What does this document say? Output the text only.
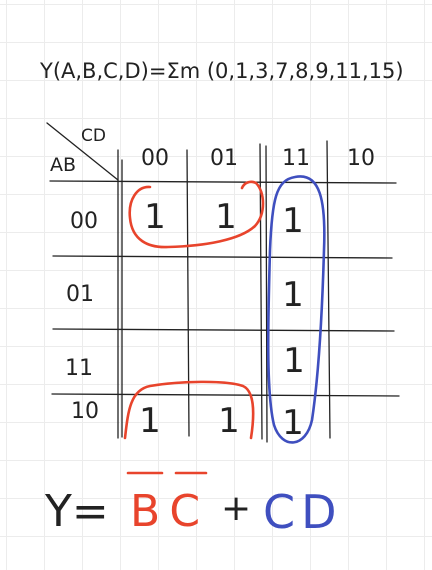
Y(A,B,C,D)=Σm (0,1,3,7,8,9,11,15)
AB
CD
00 01 11 10
00
01
11
10
1 1 1
1
1
1 1 1
Y= BC + CD
